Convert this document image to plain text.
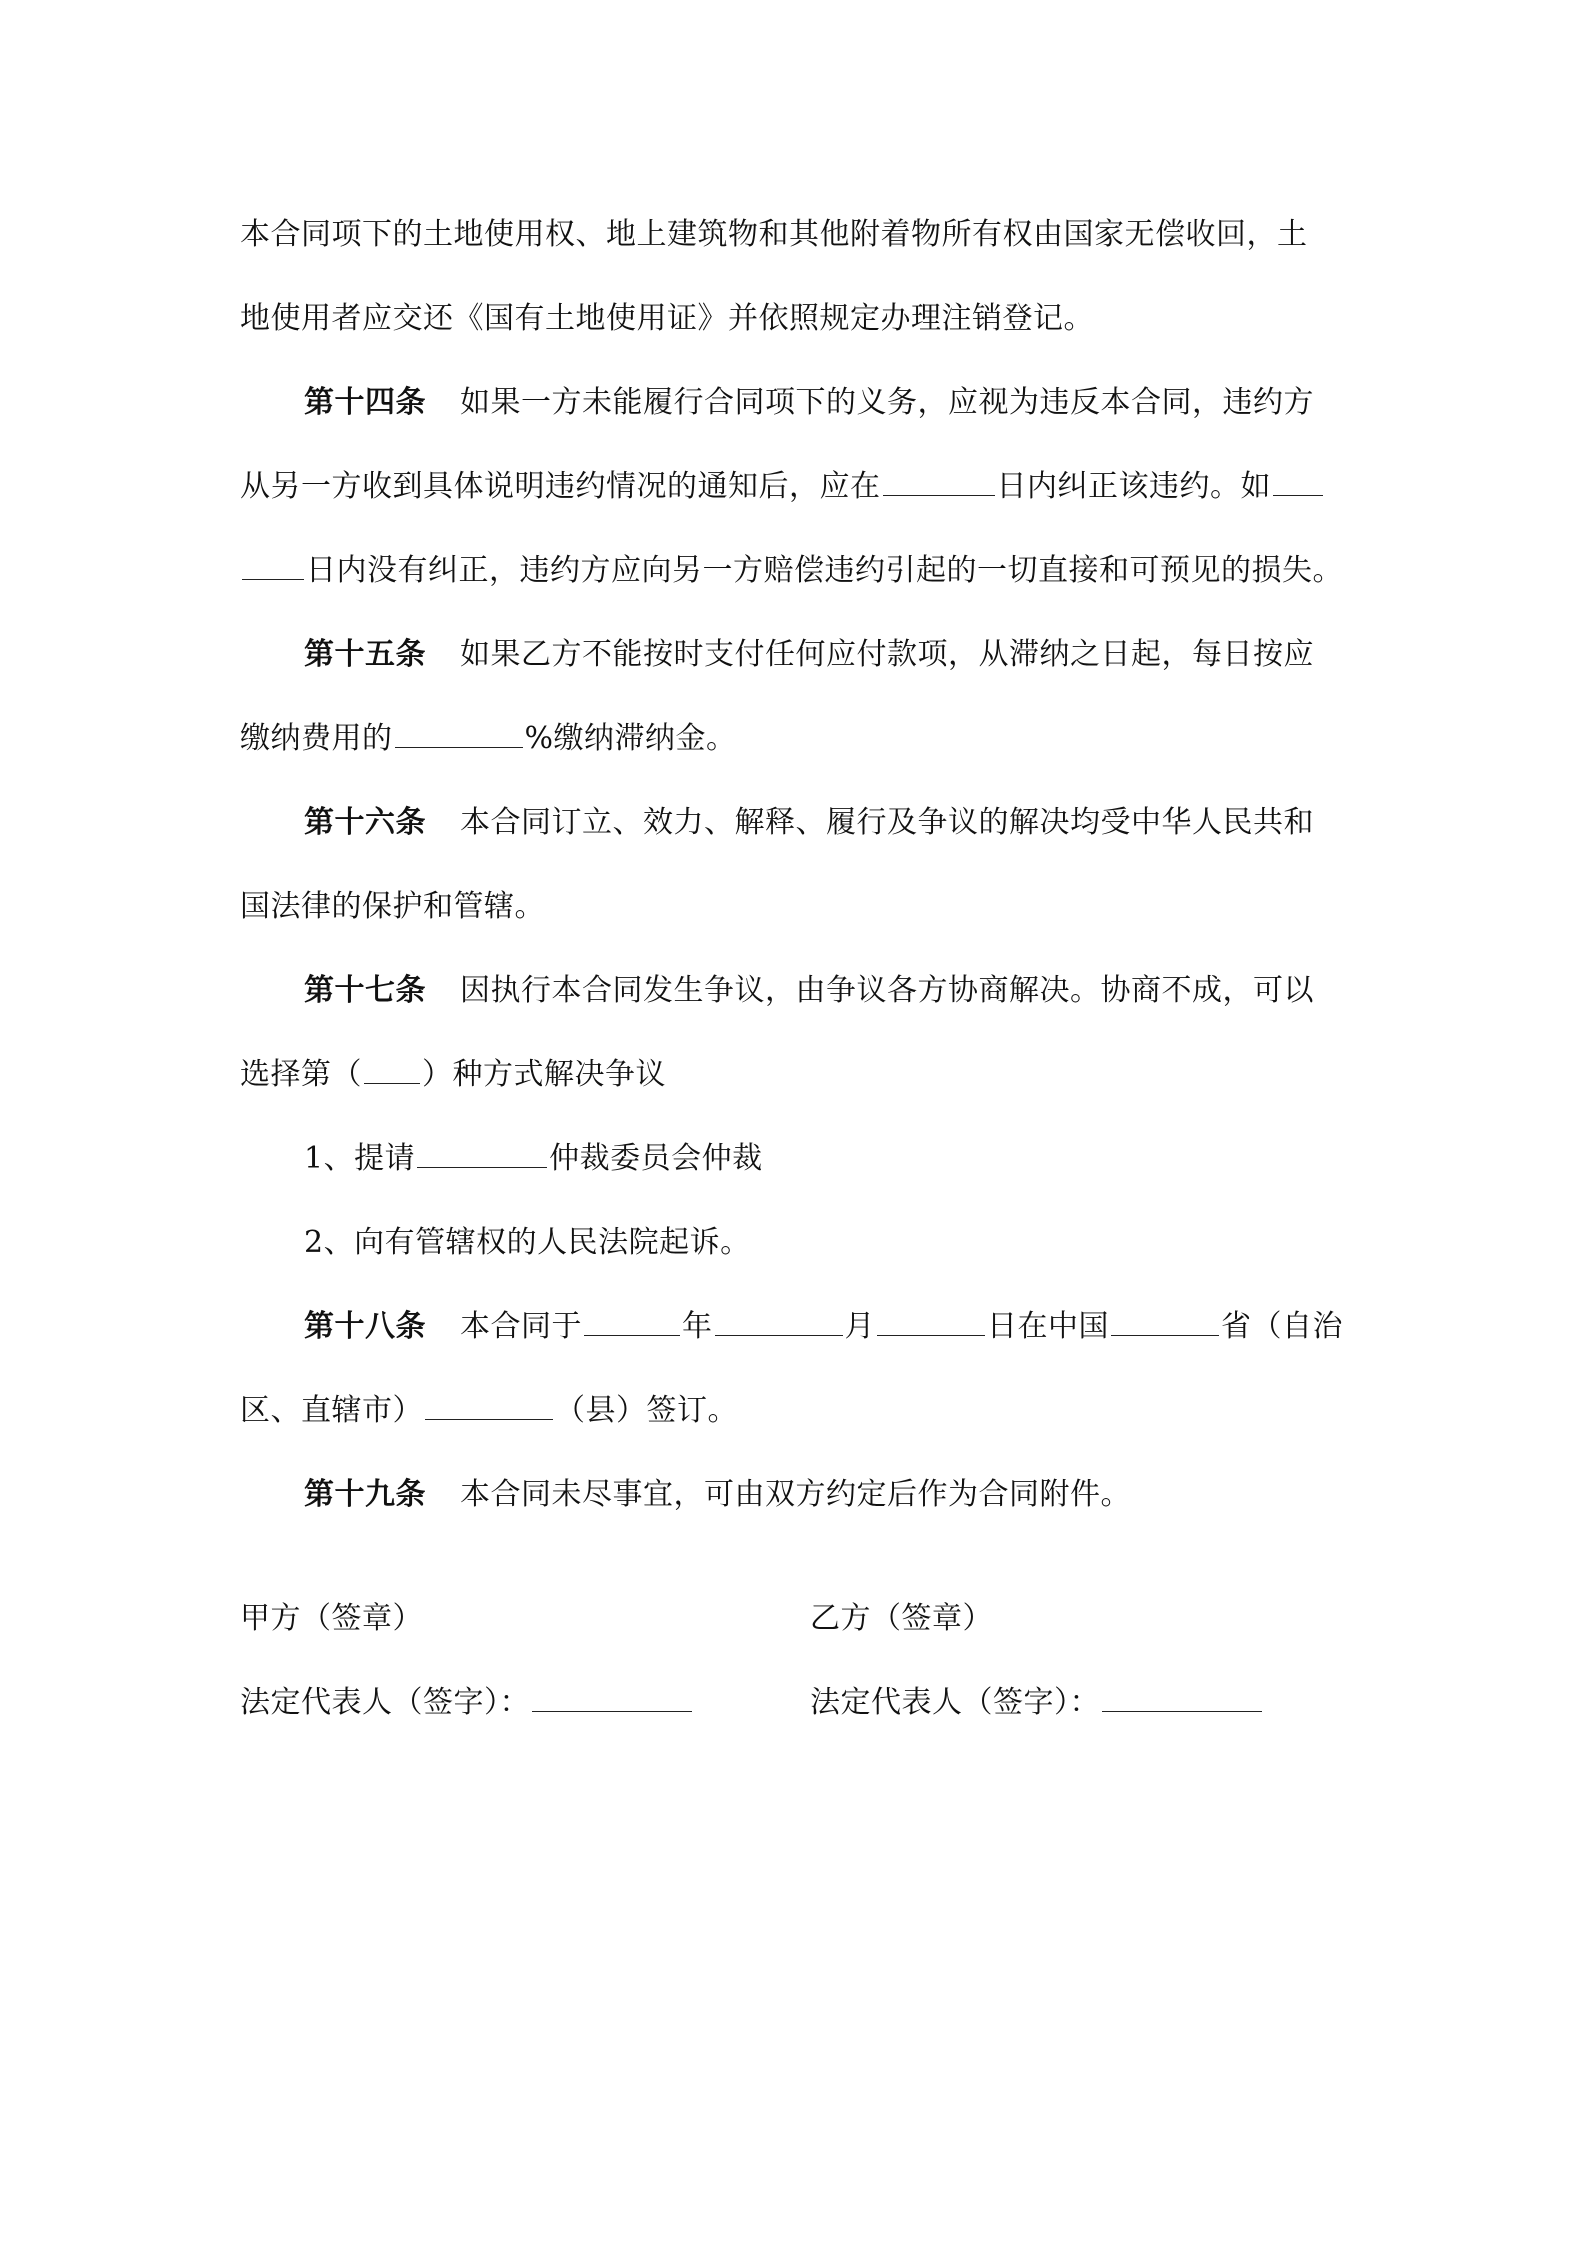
本合同项下的土地使用权、地上建筑物和其他附着物所有权由国家无偿收回，土
地使用者应交还《国有土地使用证》并依照规定办理注销登记。
第十四条 如果一方未能履行合同项下的义务，应视为违反本合同，违约方
从另一方收到具体说明违约情况的通知后，应在	日内纠正该违约。如
日内没有纠正，违约方应向另一方赔偿违约引起的一切直接和可预见的损失。
第十五条 如果乙方不能按时支付任何应付款项，从滞纳之日起，每日按应
缴纳费用的	%缴纳滞纳金。
第十六条 本合同订立、效力、解释、履行及争议的解决均受中华人民共和
国法律的保护和管辖。
第十七条 因执行本合同发生争议，由争议各方协商解决。协商不成，可以
选择第（ ）种方式解决争议
1、提请	仲裁委员会仲裁
2、向有管辖权的人民法院起诉。
第十八条 本合同于	年	月	日在中国	省（自治
区、直辖市）	（县）签订。
第十九条 本合同未尽事宜，可由双方约定后作为合同附件。
甲方（签章）	乙方（签章）
法定代表人（签字）：	法定代表人（签字）：
